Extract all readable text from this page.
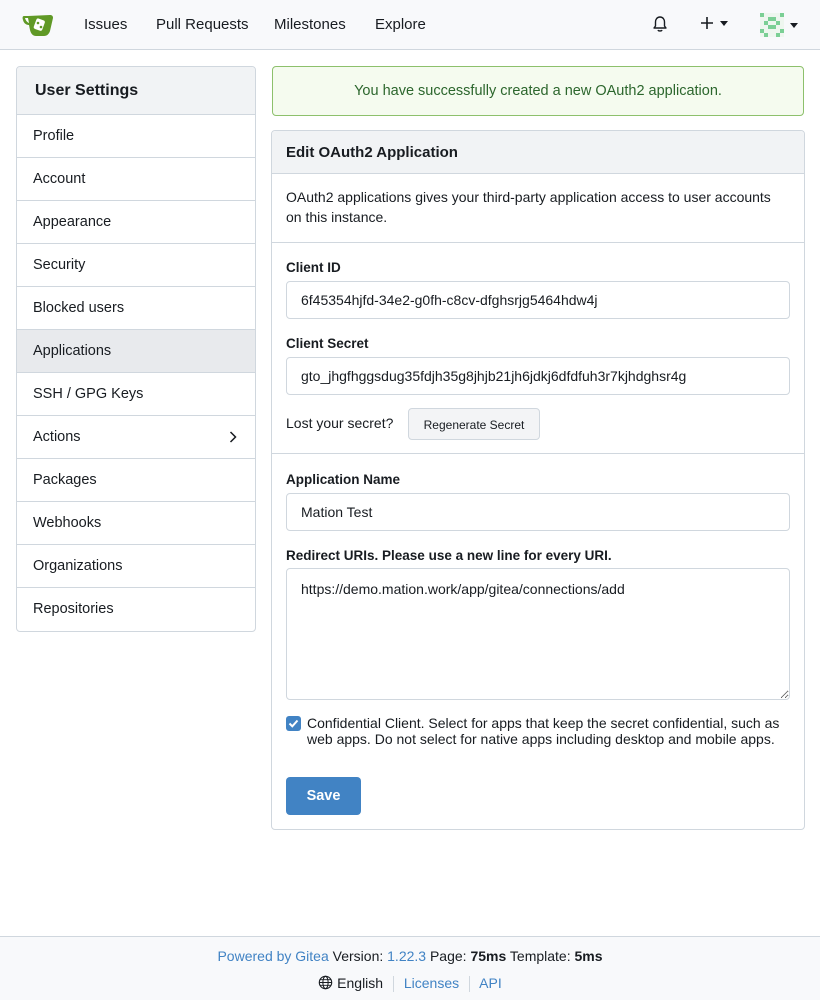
Issues Pull Requests Milestones Explore
User Settings
Profile
Account
Appearance
Security
Blocked users
Applications
SSH / GPG Keys
Actions
Packages
Webhooks
Organizations
Repositories
You have successfully created a new OAuth2 application.
Edit OAuth2 Application
OAuth2 applications gives your third-party application access to user accounts on this instance.
Client ID
6f45354hjfd-34e2-g0fh-c8cv-dfghsrjg5464hdw4j
Client Secret
gto_jhgfhggsdug35fdjh35g8jhjb21jh6jdkj6dfdfuh3r7kjhdghsr4g
Lost your secret?	Regenerate Secret
Application Name
Mation Test
Redirect URIs. Please use a new line for every URI.
https://demo.mation.work/app/gitea/connections/add
Confidential Client. Select for apps that keep the secret confidential, such as web apps. Do not select for native apps including desktop and mobile apps.
Save
Powered by Gitea Version: 1.22.3 Page: 75ms Template: 5ms
English Licenses API
